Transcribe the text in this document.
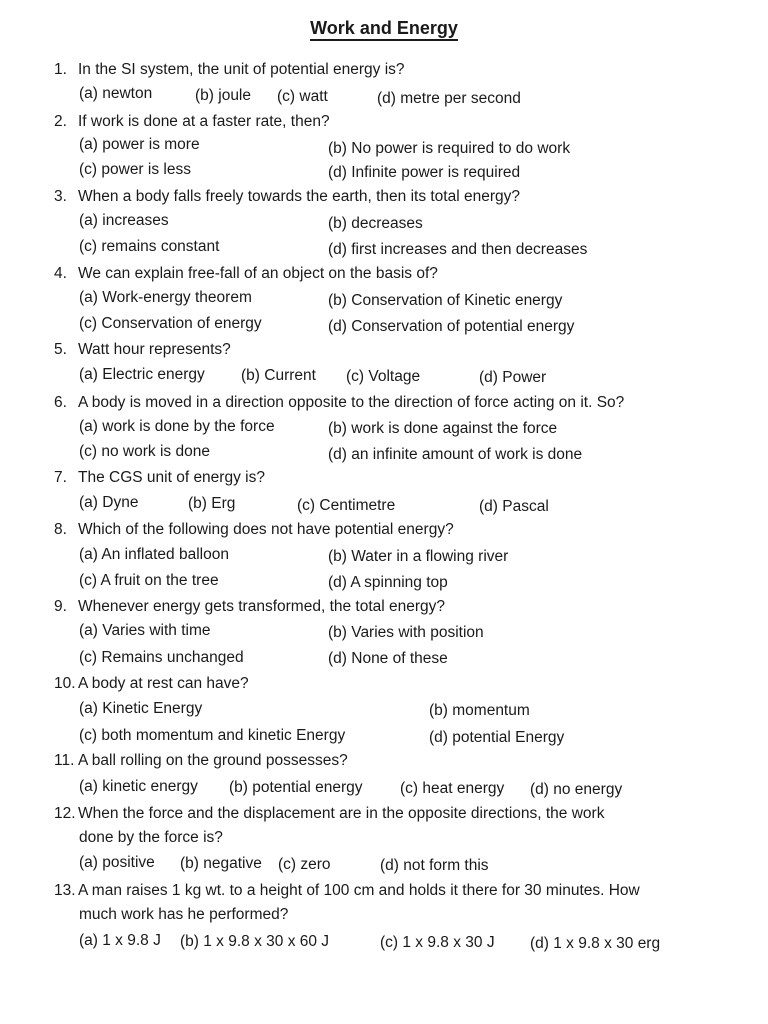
Work and Energy
1. In the SI system, the unit of potential energy is?
(a) newton	(b) joule (c) watt	(d) metre per second
2. If work is done at a faster rate, then?
(a) power is more	(b) No power is required to do work
(c) power is less	(d) Infinite power is required
3. When a body falls freely towards the earth, then its total energy?
(a) increases	(b) decreases
(c) remains constant	(d) first increases and then decreases
4. We can explain free-fall of an object on the basis of?
(a) Work-energy theorem	(b) Conservation of Kinetic energy
(c) Conservation of energy	(d) Conservation of potential energy
5. Watt hour represents?
(a) Electric energy (b) Current (c) Voltage	(d) Power
6. A body is moved in a direction opposite to the direction of force acting on it. So?
(a) work is done by the force	(b) work is done against the force
(c) no work is done	(d) an infinite amount of work is done
7. The CGS unit of energy is?
(a) Dyne	(b) Erg	(c) Centimetre	(d) Pascal
8. Which of the following does not have potential energy?
(a) An inflated balloon	(b) Water in a flowing river
(c) A fruit on the tree	(d) A spinning top
9. Whenever energy gets transformed, the total energy?
(a) Varies with time	(b) Varies with position
(c) Remains unchanged	(d) None of these
10. A body at rest can have?
(a) Kinetic Energy	(b) momentum
(c) both momentum and kinetic Energy	(d) potential Energy
11. A ball rolling on the ground possesses?
(a) kinetic energy (b) potential energy (c) heat energy (d) no energy
12. When the force and the displacement are in the opposite directions, the work
done by the force is?
(a) positive (b) negative (c) zero	(d) not form this
13. A man raises 1 kg wt. to a height of 100 cm and holds it there for 30 minutes. How
much work has he performed?
(a) 1 x 9.8 J (b) 1 x 9.8 x 30 x 60 J	(c) 1 x 9.8 x 30 J (d) 1 x 9.8 x 30 erg
